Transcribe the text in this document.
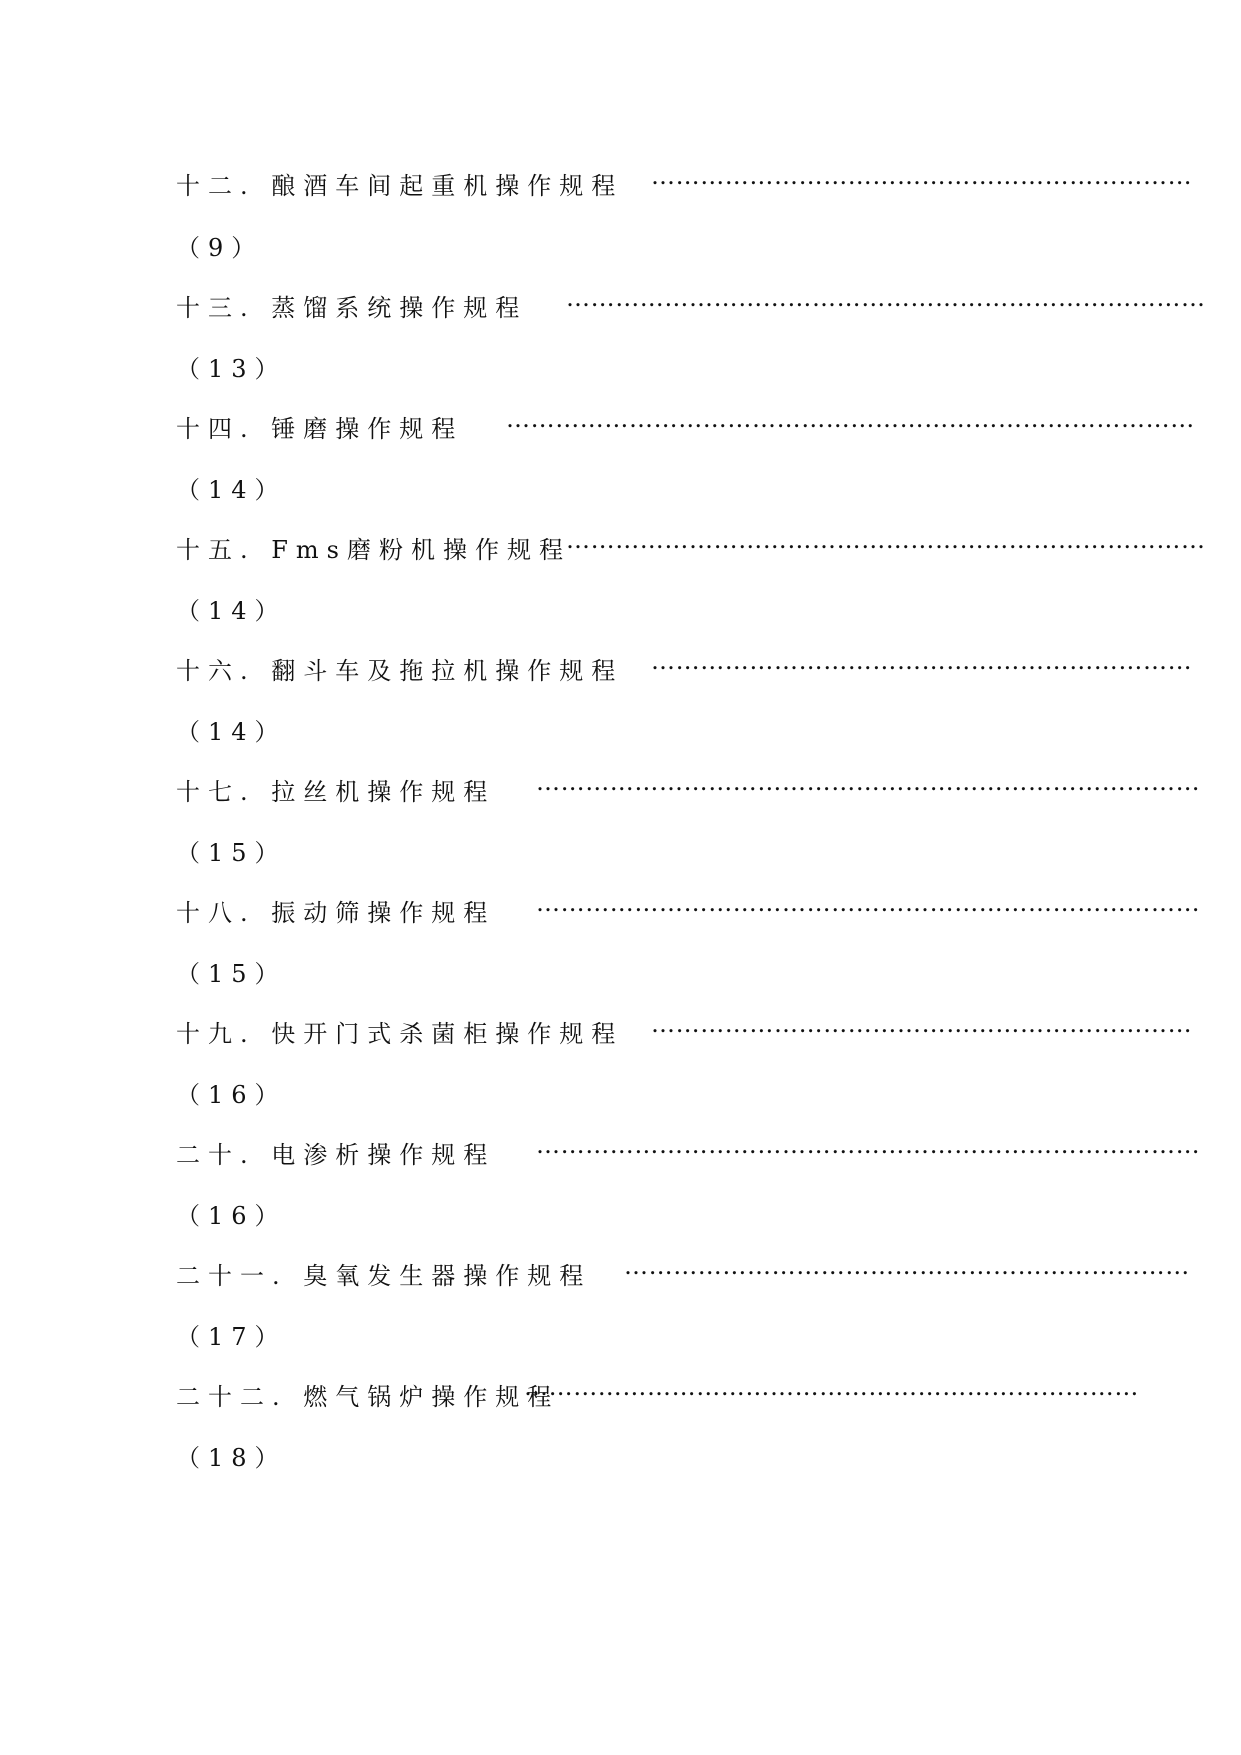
十二. 酿酒车间起重机操作规程 …………………………………………………………
（9）
十三. 蒸馏系统操作规程 ……………………………………………………………………
（13）
十四. 锤磨操作规程 …………………………………………………………………………
（14）
十五. Fms磨粉机操作规程
……………………………………………………………………
（14）
十六. 翻斗车及拖拉机操作规程 …………………………………………………………
（14）
十七. 拉丝机操作规程 ………………………………………………………………………
（15）
十八. 振动筛操作规程 ………………………………………………………………………
（15）
十九. 快开门式杀菌柜操作规程 …………………………………………………………
（16）
二十. 电渗析操作规程 ………………………………………………………………………
（16）
二十一. 臭氧发生器操作规程 ……………………………………………………………
（17）
二十二. 燃气锅炉操作规程
…………………………………………………………………
（18）
